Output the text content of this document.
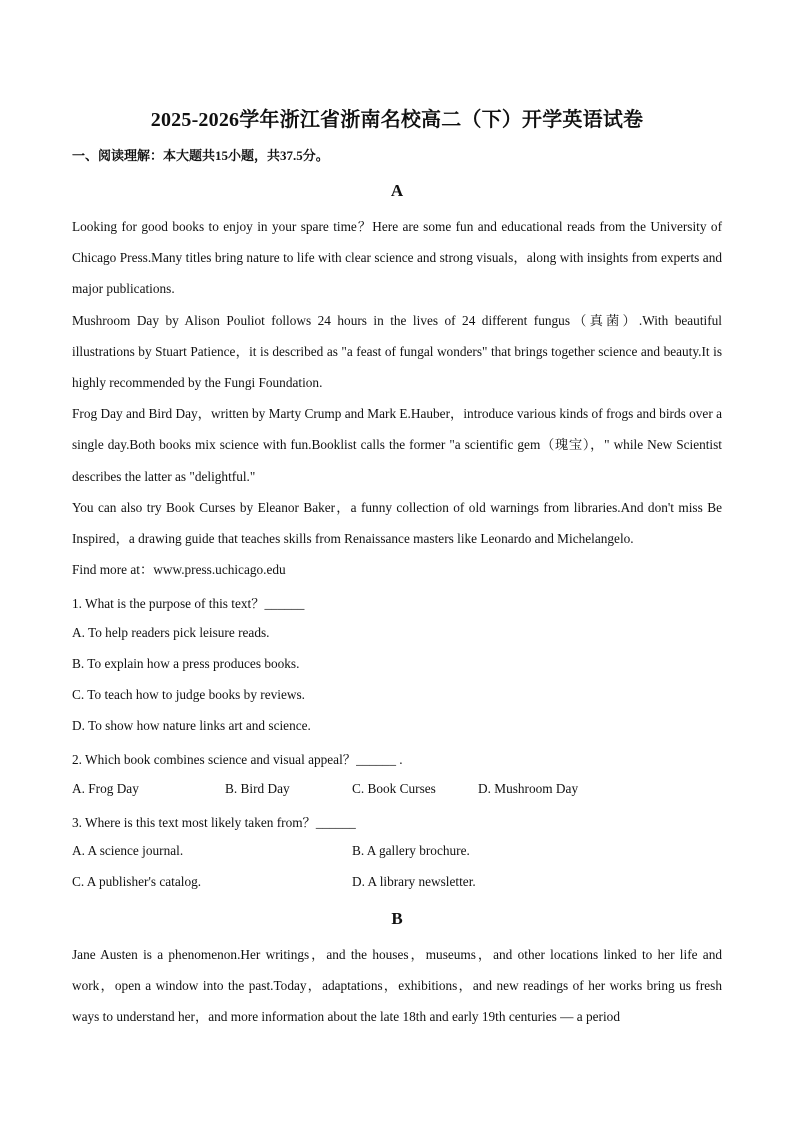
2025-2026学年浙江省浙南名校高二（下）开学英语试卷
一、阅读理解：本大题共15小题，共37.5分。
A

Looking for good books to enjoy in your spare time？Here are some fun and educational reads from the University of Chicago Press.Many titles bring nature to life with clear science and strong visuals，along with insights from experts and major publications.

Mushroom Day by Alison Pouliot follows 24 hours in the lives of 24 different fungus（真菌）.With beautiful illustrations by Stuart Patience，it is described as "a feast of fungal wonders" that brings together science and beauty.It is highly recommended by the Fungi Foundation.

Frog Day and Bird Day，written by Marty Crump and Mark E.Hauber，introduce various kinds of frogs and birds over a single day.Both books mix science with fun.Booklist calls the former "a scientific gem（瑰宝），" while New Scientist describes the latter as "delightful."

You can also try Book Curses by Eleanor Baker，a funny collection of old warnings from libraries.And don't miss Be Inspired，a drawing guide that teaches skills from Renaissance masters like Leonardo and Michelangelo.

Find more at：www.press.uchicago.edu

1. What is the purpose of this text？______
A. To help readers pick leisure reads.
B. To explain how a press produces books.
C. To teach how to judge books by reviews.
D. To show how nature links art and science.
2. Which book combines science and visual appeal？______ .
A. Frog Day	B. Bird Day	C. Book Curses	D. Mushroom Day
3. Where is this text most likely taken from？______
A. A science journal.	B. A gallery brochure.
C. A publisher's catalog.	D. A library newsletter.
B

Jane Austen is a phenomenon.Her writings，and the houses，museums，and other locations linked to her life and work，open a window into the past.Today，adaptations，exhibitions，and new readings of her works bring us fresh ways to understand her，and more information about the late 18th and early 19th centuries — a period
